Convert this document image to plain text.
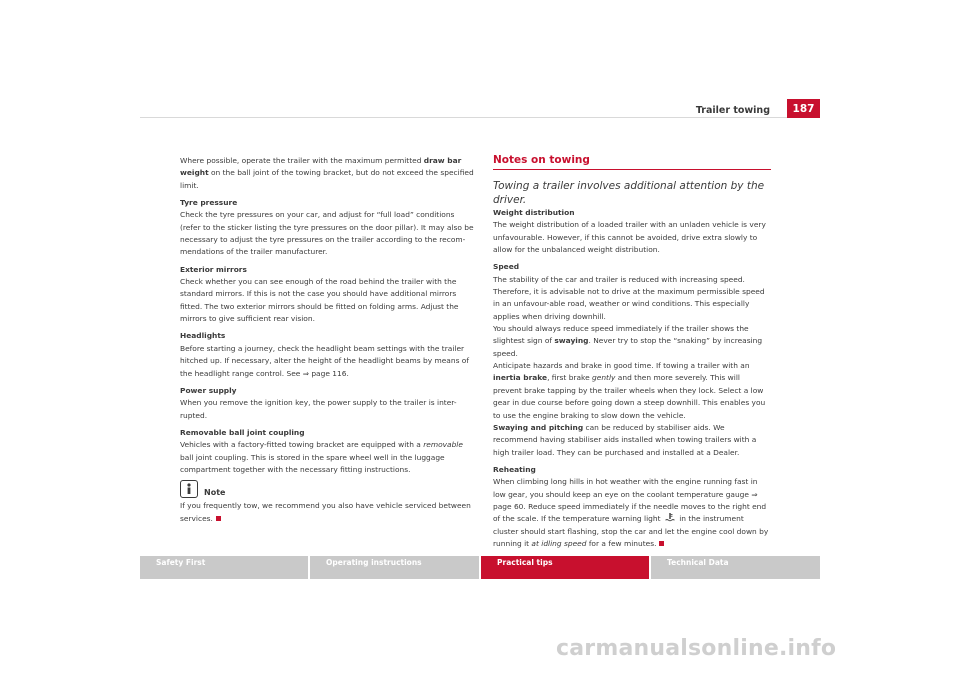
Trailer towing	187

Where possible, operate the trailer with the maximum permitted draw bar weight on the ball joint of the towing bracket, but do not exceed the specified limit.

Tyre pressure

Check the tyre pressures on your car, and adjust for “full load” conditions (refer to the sticker listing the tyre pressures on the door pillar). It may also be necessary to adjust the tyre pressures on the trailer according to the recom-mendations of the trailer manufacturer.

Exterior mirrors

Check whether you can see enough of the road behind the trailer with the standard mirrors. If this is not the case you should have additional mirrors fitted. The two exterior mirrors should be fitted on folding arms. Adjust the mirrors to give sufficient rear vision.

Headlights

Before starting a journey, check the headlight beam settings with the trailer hitched up. If necessary, alter the height of the headlight beams by means of the headlight range control. See ⇒ page 116.

Power supply

When you remove the ignition key, the power supply to the trailer is inter-rupted.

Removable ball joint coupling

Vehicles with a factory-fitted towing bracket are equipped with a removable ball joint coupling. This is stored in the spare wheel well in the luggage compartment together with the necessary fitting instructions.

Note

If you frequently tow, we recommend you also have vehicle serviced between services.

Notes on towing

Towing a trailer involves additional attention by the driver.

Weight distribution

The weight distribution of a loaded trailer with an unladen vehicle is very unfavourable. However, if this cannot be avoided, drive extra slowly to allow for the unbalanced weight distribution.

Speed

The stability of the car and trailer is reduced with increasing speed. Therefore, it is advisable not to drive at the maximum permissible speed in an unfavour-able road, weather or wind conditions. This especially applies when driving downhill.

You should always reduce speed immediately if the trailer shows the slightest sign of swaying. Never try to stop the “snaking” by increasing speed.

Anticipate hazards and brake in good time. If towing a trailer with an inertia brake, first brake gently and then more severely. This will prevent brake tapping by the trailer wheels when they lock. Select a low gear in due course before going down a steep downhill. This enables you to use the engine braking to slow down the vehicle.

Swaying and pitching can be reduced by stabiliser aids. We recommend having stabiliser aids installed when towing trailers with a high trailer load. They can be purchased and installed at a Dealer.

Reheating

When climbing long hills in hot weather with the engine running fast in low gear, you should keep an eye on the coolant temperature gauge ⇒ page 60. Reduce speed immediately if the needle moves to the right end of the scale. If the temperature warning light  in the instrument cluster should start flashing, stop the car and let the engine cool down by running it at idling speed for a few minutes.

Safety First	Operating instructions	Practical tips	Technical Data
carmanualsonline.info
